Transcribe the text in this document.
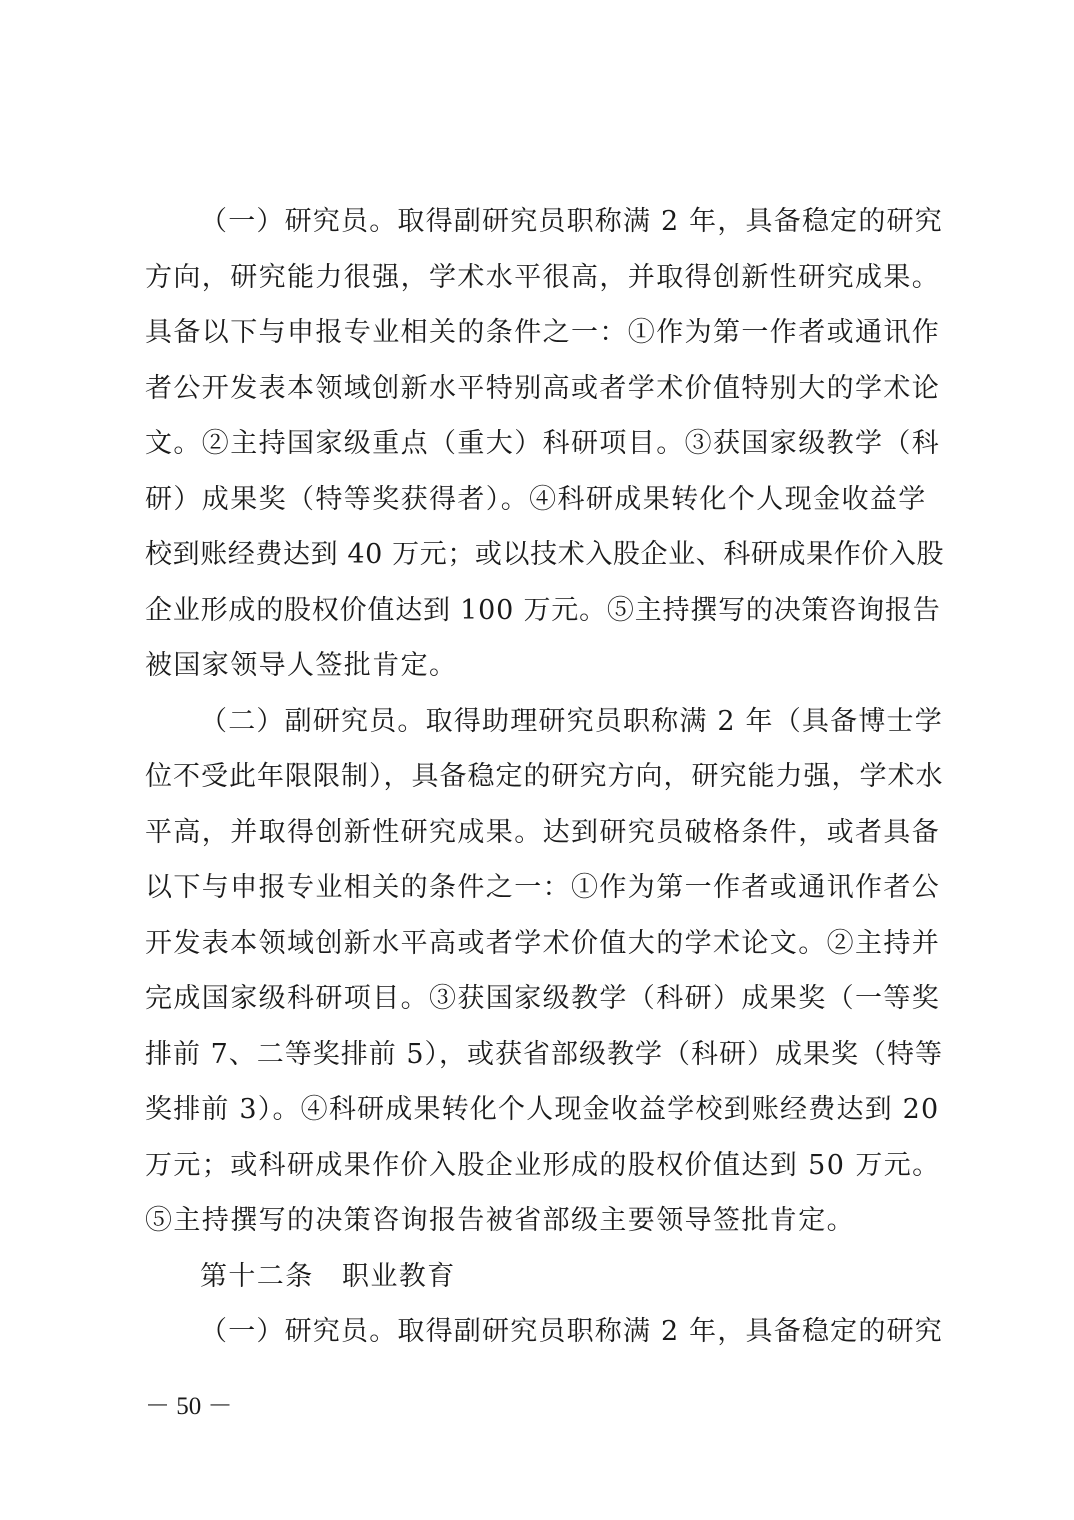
（一）研究员。取得副研究员职称满 2 年，具备稳定的研究
方向，研究能力很强，学术水平很高，并取得创新性研究成果。
具备以下与申报专业相关的条件之一：①作为第一作者或通讯作
者公开发表本领域创新水平特别高或者学术价值特别大的学术论
文。②主持国家级重点（重大）科研项目。③获国家级教学（科
研）成果奖（特等奖获得者）。④科研成果转化个人现金收益学
校到账经费达到 40 万元；或以技术入股企业、科研成果作价入股
企业形成的股权价值达到 100 万元。⑤主持撰写的决策咨询报告
被国家领导人签批肯定。
（二）副研究员。取得助理研究员职称满 2 年（具备博士学
位不受此年限限制），具备稳定的研究方向，研究能力强，学术水
平高，并取得创新性研究成果。达到研究员破格条件，或者具备
以下与申报专业相关的条件之一：①作为第一作者或通讯作者公
开发表本领域创新水平高或者学术价值大的学术论文。②主持并
完成国家级科研项目。③获国家级教学（科研）成果奖（一等奖
排前 7、二等奖排前 5），或获省部级教学（科研）成果奖（特等
奖排前 3）。④科研成果转化个人现金收益学校到账经费达到 20
万元；或科研成果作价入股企业形成的股权价值达到 50 万元。
⑤主持撰写的决策咨询报告被省部级主要领导签批肯定。
第十二条　职业教育
（一）研究员。取得副研究员职称满 2 年，具备稳定的研究
－ 50 －
